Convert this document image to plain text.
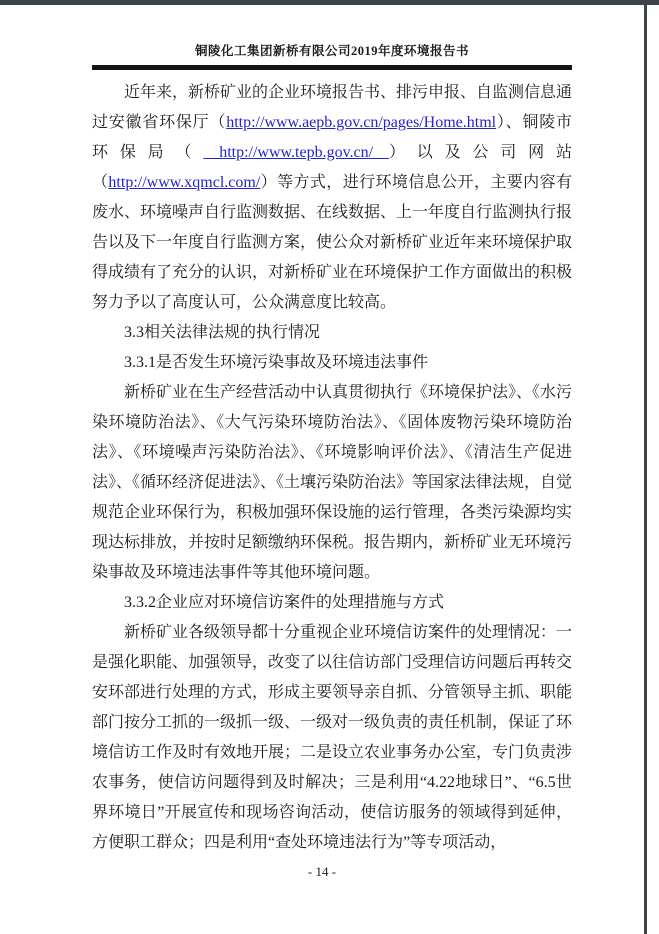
铜陵化工集团新桥有限公司2019年度环境报告书

近年来，新桥矿业的企业环境报告书、排污申报、自监测信息通过安徽省环保厅（http://www.aepb.gov.cn/pages/Home.html）、铜陵市环保局（ http://www.tepb.gov.cn/ ）以及公司网站（http://www.xqmcl.com/）等方式，进行环境信息公开，主要内容有废水、环境噪声自行监测数据、在线数据、上一年度自行监测执行报告以及下一年度自行监测方案，使公众对新桥矿业近年来环境保护取得成绩有了充分的认识，对新桥矿业在环境保护工作方面做出的积极努力予以了高度认可，公众满意度比较高。

3.3相关法律法规的执行情况

3.3.1是否发生环境污染事故及环境违法事件

新桥矿业在生产经营活动中认真贯彻执行《环境保护法》、《水污染环境防治法》、《大气污染环境防治法》、《固体废物污染环境防治法》、《环境噪声污染防治法》、《环境影响评价法》、《清洁生产促进法》、《循环经济促进法》、《土壤污染防治法》等国家法律法规，自觉规范企业环保行为，积极加强环保设施的运行管理，各类污染源均实现达标排放，并按时足额缴纳环保税。报告期内，新桥矿业无环境污染事故及环境违法事件等其他环境问题。

3.3.2企业应对环境信访案件的处理措施与方式

新桥矿业各级领导都十分重视企业环境信访案件的处理情况：一是强化职能、加强领导，改变了以往信访部门受理信访问题后再转交安环部进行处理的方式，形成主要领导亲自抓、分管领导主抓、职能部门按分工抓的一级抓一级、一级对一级负责的责任机制，保证了环境信访工作及时有效地开展；二是设立农业事务办公室，专门负责涉农事务，使信访问题得到及时解决；三是利用“4.22地球日”、“6.5世界环境日”开展宣传和现场咨询活动，使信访服务的领域得到延伸，方便职工群众；四是利用“查处环境违法行为”等专项活动，

- 14 -
